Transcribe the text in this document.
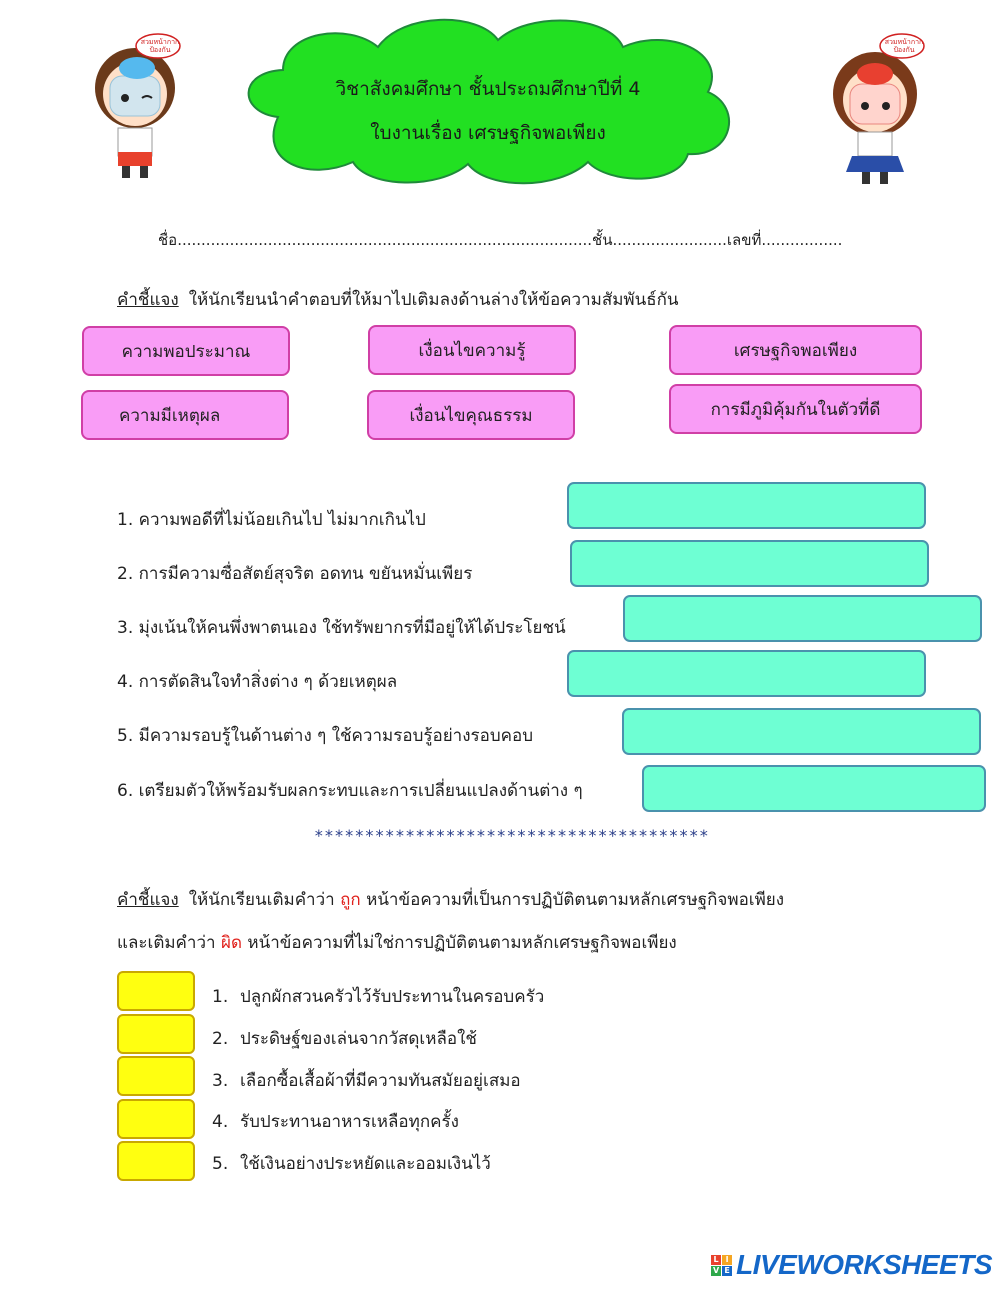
สวมหน้ากาก ป้องกัน
สวมหน้ากาก ป้องกัน
วิชาสังคมศึกษา ชั้นประถมศึกษาปีที่ 4
ใบงานเรื่อง เศรษฐกิจพอเพียง
ชื่อ.......................................................................................ชั้น........................เลขที่.................
คำชี้แจง ให้นักเรียนนำคำตอบที่ให้มาไปเติมลงด้านล่างให้ข้อความสัมพันธ์กัน
ความพอประมาณ	เงื่อนไขความรู้	เศรษฐกิจพอเพียง
ความมีเหตุผล	เงื่อนไขคุณธรรม	การมีภูมิคุ้มกันในตัวที่ดี
1. ความพอดีที่ไม่น้อยเกินไป ไม่มากเกินไป
2. การมีความซื่อสัตย์สุจริต อดทน ขยันหมั่นเพียร
3. มุ่งเน้นให้คนพึ่งพาตนเอง ใช้ทรัพยากรที่มีอยู่ให้ได้ประโยชน์
4. การตัดสินใจทำสิ่งต่าง ๆ ด้วยเหตุผล
5. มีความรอบรู้ในด้านต่าง ๆ ใช้ความรอบรู้อย่างรอบคอบ
6. เตรียมตัวให้พร้อมรับผลกระทบและการเปลี่ยนแปลงด้านต่าง ๆ
***************************************
คำชี้แจง ให้นักเรียนเติมคำว่า ถูก หน้าข้อความที่เป็นการปฏิบัติตนตามหลักเศรษฐกิจพอเพียง
และเติมคำว่า ผิด หน้าข้อความที่ไม่ใช่การปฏิบัติตนตามหลักเศรษฐกิจพอเพียง
1. ปลูกผักสวนครัวไว้รับประทานในครอบครัว
2. ประดิษฐ์ของเล่นจากวัสดุเหลือใช้
3. เลือกซื้อเสื้อผ้าที่มีความทันสมัยอยู่เสมอ
4. รับประทานอาหารเหลือทุกครั้ง
5. ใช้เงินอย่างประหยัดและออมเงินไว้
L I
V E LIVEWORKSHEETS
